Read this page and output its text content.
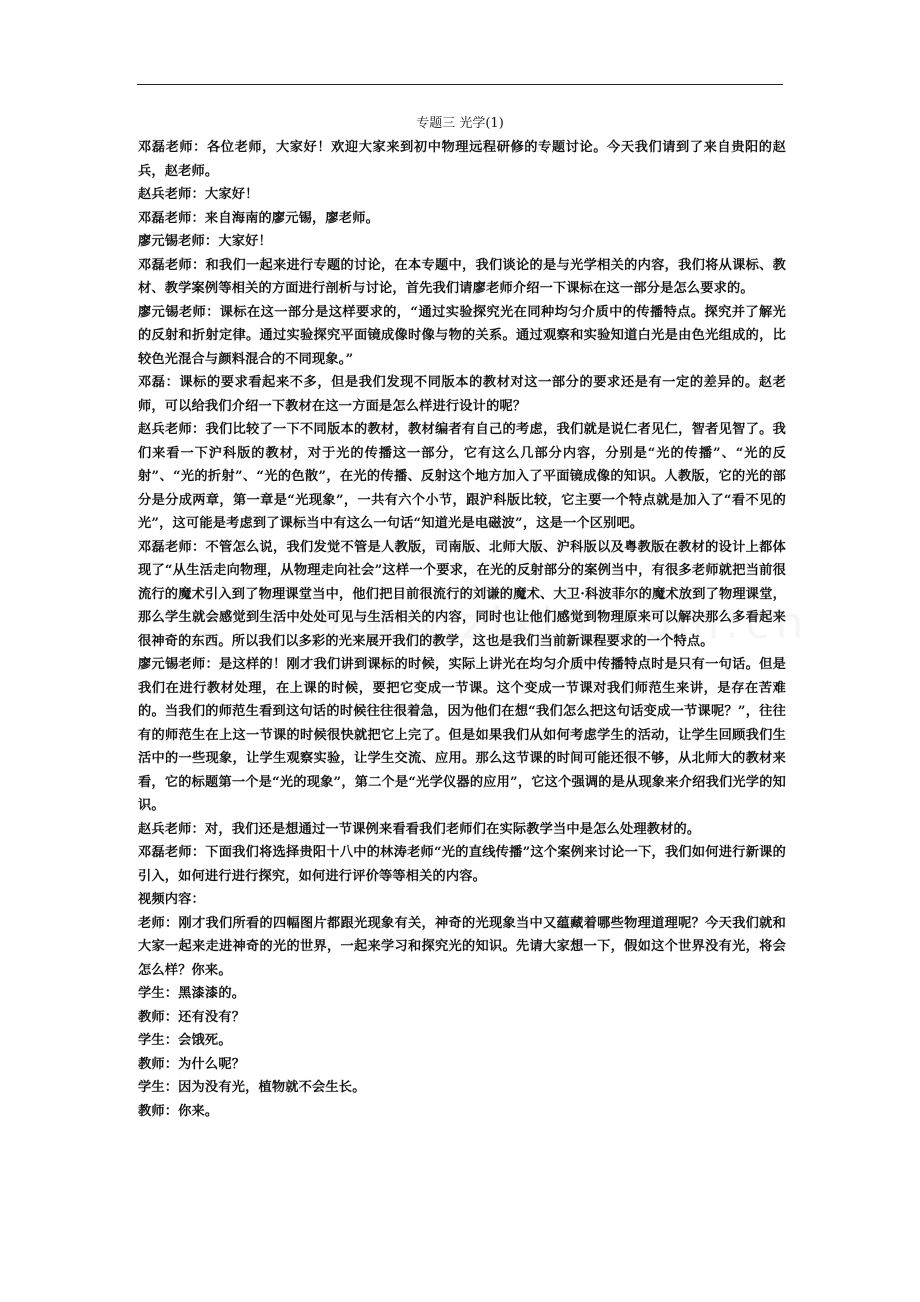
专题三 光学(1)

邓磊老师：各位老师，大家好！欢迎大家来到初中物理远程研修的专题讨论。今天我们请到了来自贵阳的赵兵，赵老师。

赵兵老师：大家好！

邓磊老师：来自海南的廖元锡，廖老师。

廖元锡老师：大家好！

邓磊老师：和我们一起来进行专题的讨论，在本专题中，我们谈论的是与光学相关的内容，我们将从课标、教材、教学案例等相关的方面进行剖析与讨论，首先我们请廖老师介绍一下课标在这一部分是怎么要求的。

廖元锡老师：课标在这一部分是这样要求的，“通过实验探究光在同种均匀介质中的传播特点。探究并了解光的反射和折射定律。通过实验探究平面镜成像时像与物的关系。通过观察和实验知道白光是由色光组成的，比较色光混合与颜料混合的不同现象。”

邓磊：课标的要求看起来不多，但是我们发现不同版本的教材对这一部分的要求还是有一定的差异的。赵老师，可以给我们介绍一下教材在这一方面是怎么样进行设计的呢？

赵兵老师：我们比较了一下不同版本的教材，教材编者有自己的考虑，我们就是说仁者见仁，智者见智了。我们来看一下沪科版的教材，对于光的传播这一部分，它有这么几部分内容，分别是“光的传播”、“光的反射”、“光的折射”、“光的色散”，在光的传播、反射这个地方加入了平面镜成像的知识。人教版，它的光的部分是分成两章，第一章是“光现象”，一共有六个小节，跟沪科版比较，它主要一个特点就是加入了“看不见的光”，这可能是考虑到了课标当中有这么一句话“知道光是电磁波”，这是一个区别吧。

邓磊老师：不管怎么说，我们发觉不管是人教版，司南版、北师大版、沪科版以及粤教版在教材的设计上都体现了“从生活走向物理，从物理走向社会”这样一个要求，在光的反射部分的案例当中，有很多老师就把当前很流行的魔术引入到了物理课堂当中，他们把目前很流行的刘谦的魔术、大卫·科波菲尔的魔术放到了物理课堂，那么学生就会感觉到生活中处处可见与生活相关的内容，同时也让他们感觉到物理原来可以解决那么多看起来很神奇的东西。所以我们以多彩的光来展开我们的教学，这也是我们当前新课程要求的一个特点。

廖元锡老师：是这样的！刚才我们讲到课标的时候，实际上讲光在均匀介质中传播特点时是只有一句话。但是我们在进行教材处理，在上课的时候，要把它变成一节课。这个变成一节课对我们师范生来讲，是存在苦难的。当我们的师范生看到这句话的时候往往很着急，因为他们在想“我们怎么把这句话变成一节课呢？”，往往有的师范生在上这一节课的时候很快就把它上完了。但是如果我们从如何考虑学生的活动，让学生回顾我们生活中的一些现象，让学生观察实验，让学生交流、应用。那么这节课的时间可能还很不够，从北师大的教材来看，它的标题第一个是“光的现象”，第二个是“光学仪器的应用”，它这个强调的是从现象来介绍我们光学的知识。

赵兵老师：对，我们还是想通过一节课例来看看我们老师们在实际教学当中是怎么处理教材的。

邓磊老师：下面我们将选择贵阳十八中的林涛老师“光的直线传播”这个案例来讨论一下，我们如何进行新课的引入，如何进行进行探究，如何进行评价等等相关的内容。

视频内容：

老师：刚才我们所看的四幅图片都跟光现象有关，神奇的光现象当中又蕴藏着哪些物理道理呢？今天我们就和大家一起来走进神奇的光的世界，一起来学习和探究光的知识。先请大家想一下，假如这个世界没有光，将会怎么样？你来。

学生：黑漆漆的。

教师：还有没有？

学生：会饿死。

教师：为什么呢？

学生：因为没有光，植物就不会生长。

教师：你来。
